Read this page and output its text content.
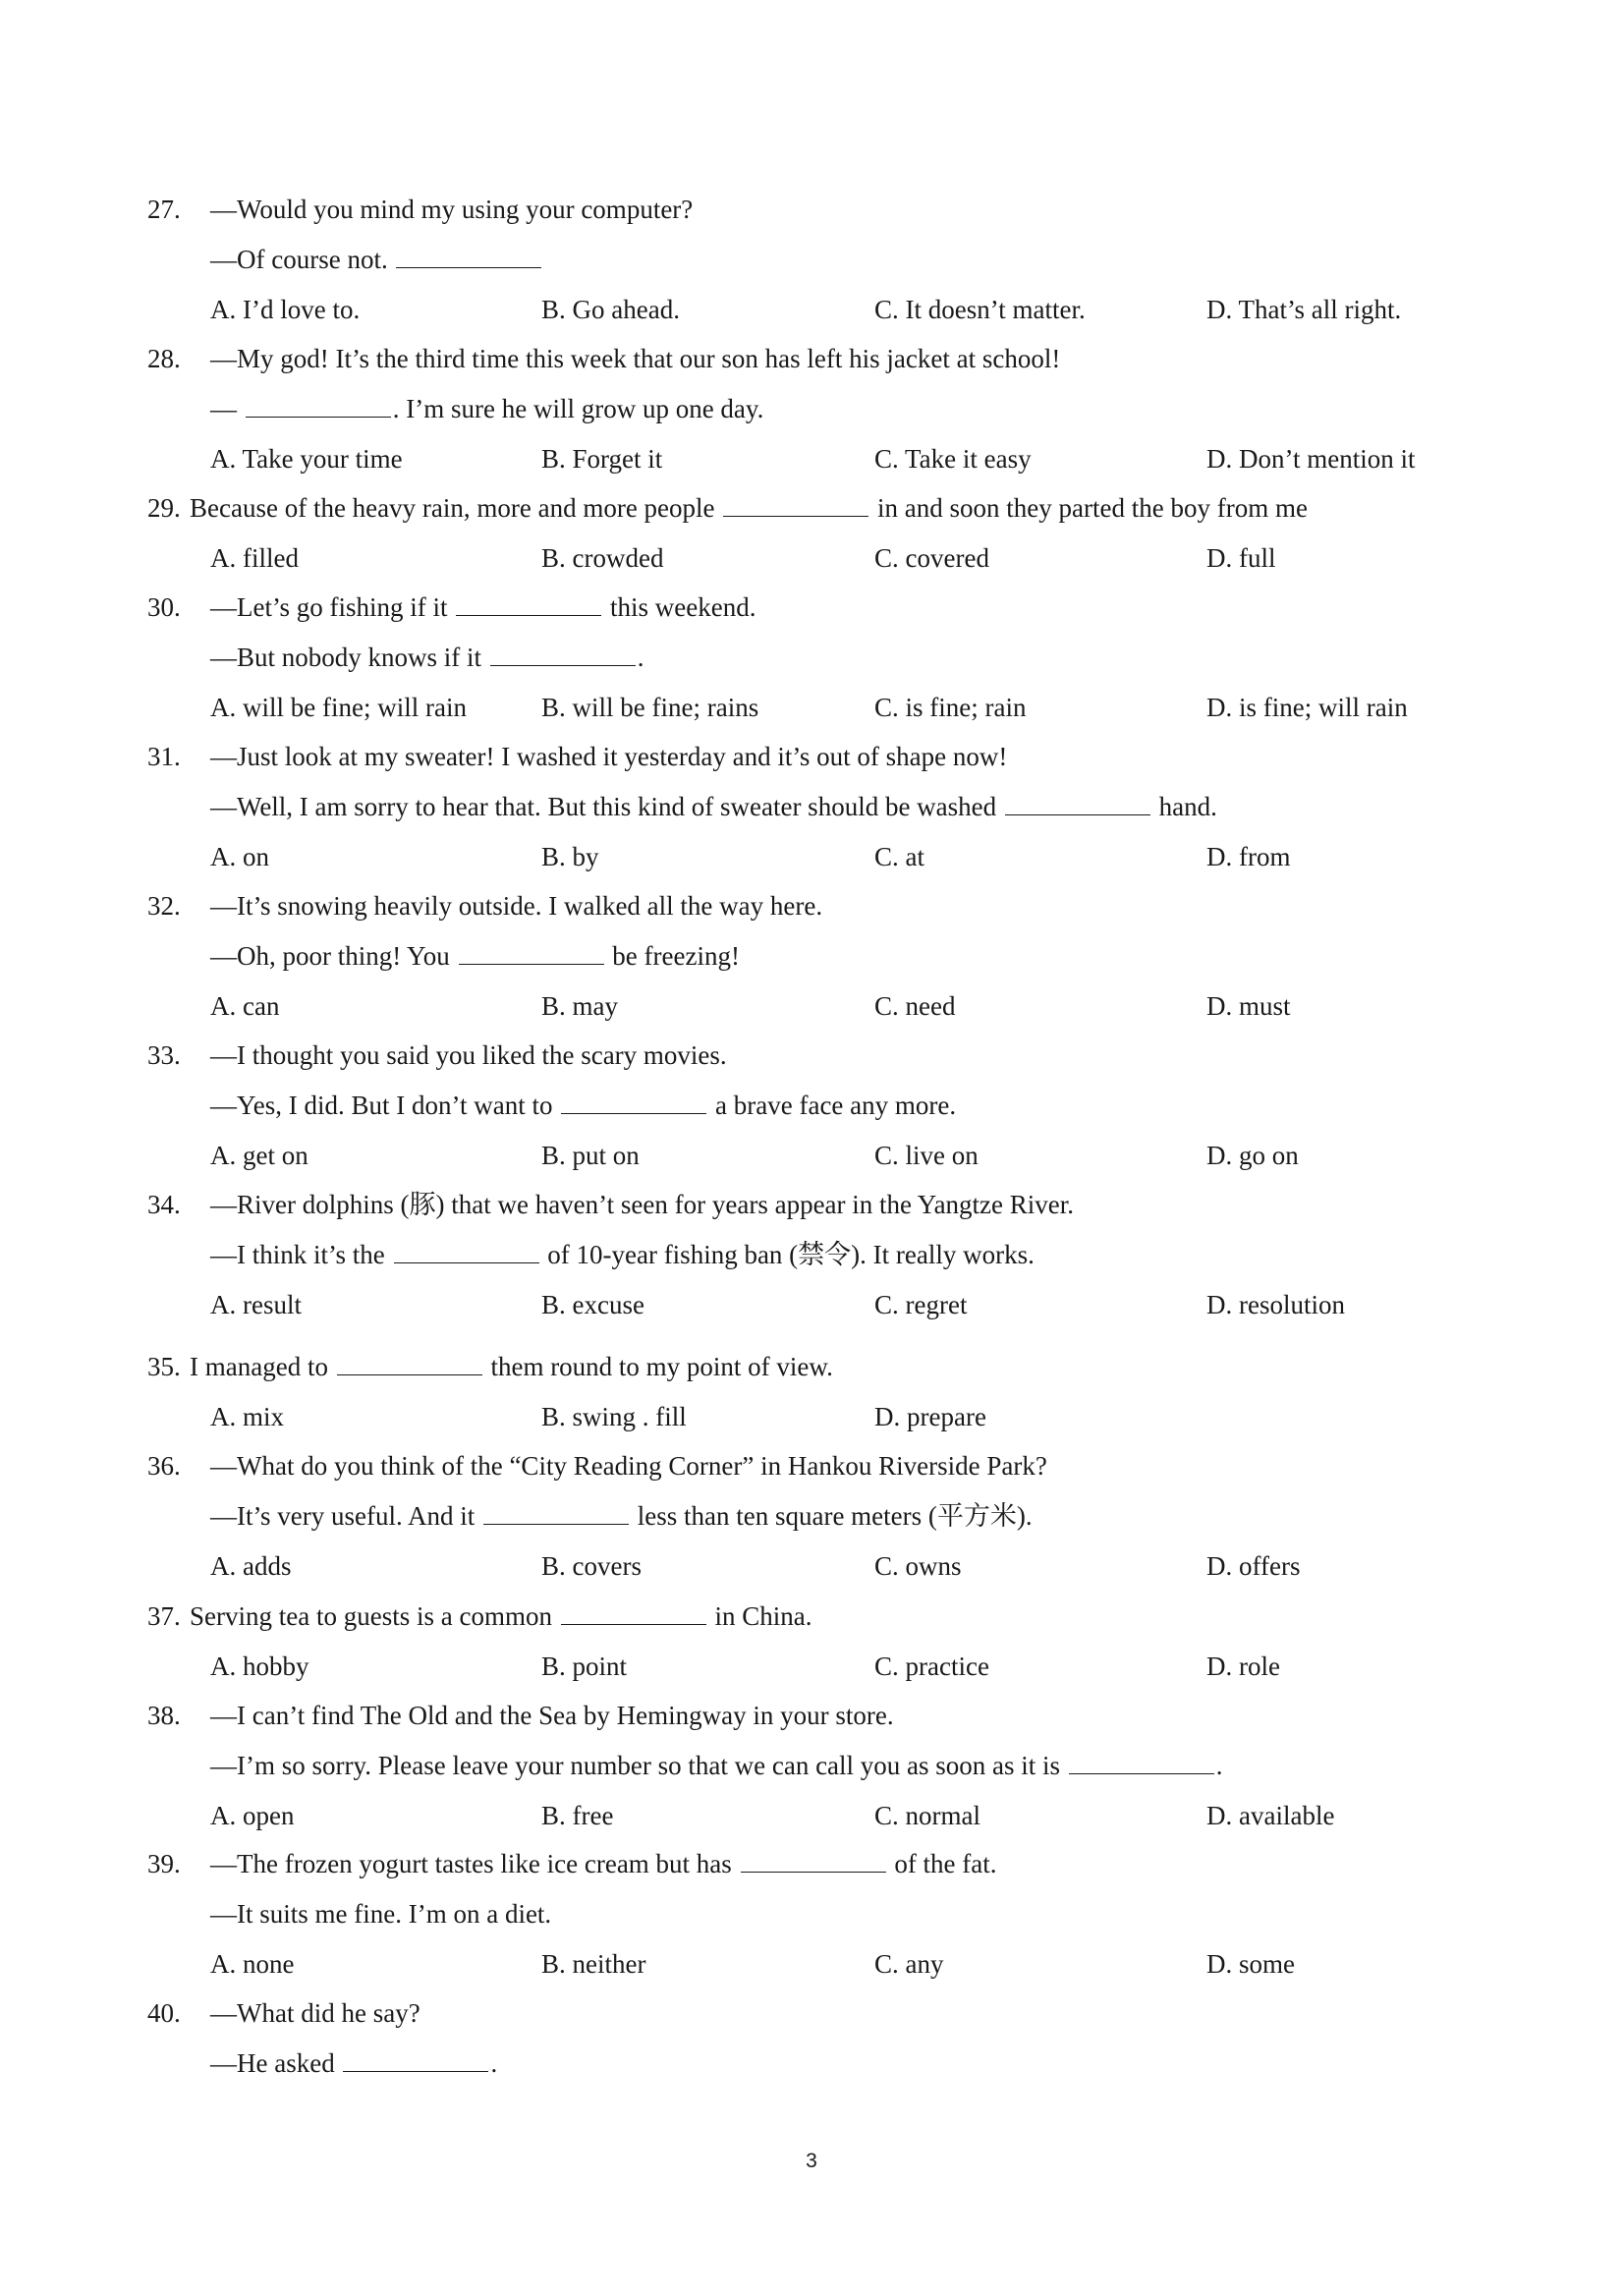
27. —Would you mind my using your computer?
—Of course not.
A. I’d love to.	B. Go ahead.	C. It doesn’t matter.	D. That’s all right.
28. —My god! It’s the third time this week that our son has left his jacket at school!
—	. I’m sure he will grow up one day.
A. Take your time	B. Forget it	C. Take it easy	D. Don’t mention it
29. Because of the heavy rain, more and more people	in and soon they parted the boy from me
A. filled	B. crowded	C. covered	D. full
30. —Let’s go fishing if it	this weekend.
—But nobody knows if it	.
A. will be fine; will rain	B. will be fine; rains	C. is fine; rain	D. is fine; will rain
31. —Just look at my sweater! I washed it yesterday and it’s out of shape now!
—Well, I am sorry to hear that. But this kind of sweater should be washed	hand.
A. on	B. by	C. at	D. from
32. —It’s snowing heavily outside. I walked all the way here.
—Oh, poor thing! You	be freezing!
A. can	B. may	C. need	D. must
33. —I thought you said you liked the scary movies.
—Yes, I did. But I don’t want to	a brave face any more.
A. get on	B. put on	C. live on	D. go on
34. —River dolphins (豚) that we haven’t seen for years appear in the Yangtze River.
—I think it’s the	of 10-year fishing ban (禁令). It really works.
A. result	B. excuse	C. regret	D. resolution
35. I managed to	them round to my point of view.
A. mix	B. swing . fill	D. prepare
36. —What do you think of the “City Reading Corner” in Hankou Riverside Park?
—It’s very useful. And it	less than ten square meters (平方米).
A. adds	B. covers	C. owns	D. offers
37. Serving tea to guests is a common	in China.
A. hobby	B. point	C. practice	D. role
38. —I can’t find The Old and the Sea by Hemingway in your store.
—I’m so sorry. Please leave your number so that we can call you as soon as it is	.
A. open	B. free	C. normal	D. available
39. —The frozen yogurt tastes like ice cream but has	of the fat.
—It suits me fine. I’m on a diet.
A. none	B. neither	C. any	D. some
40. —What did he say?
—He asked	.
3
